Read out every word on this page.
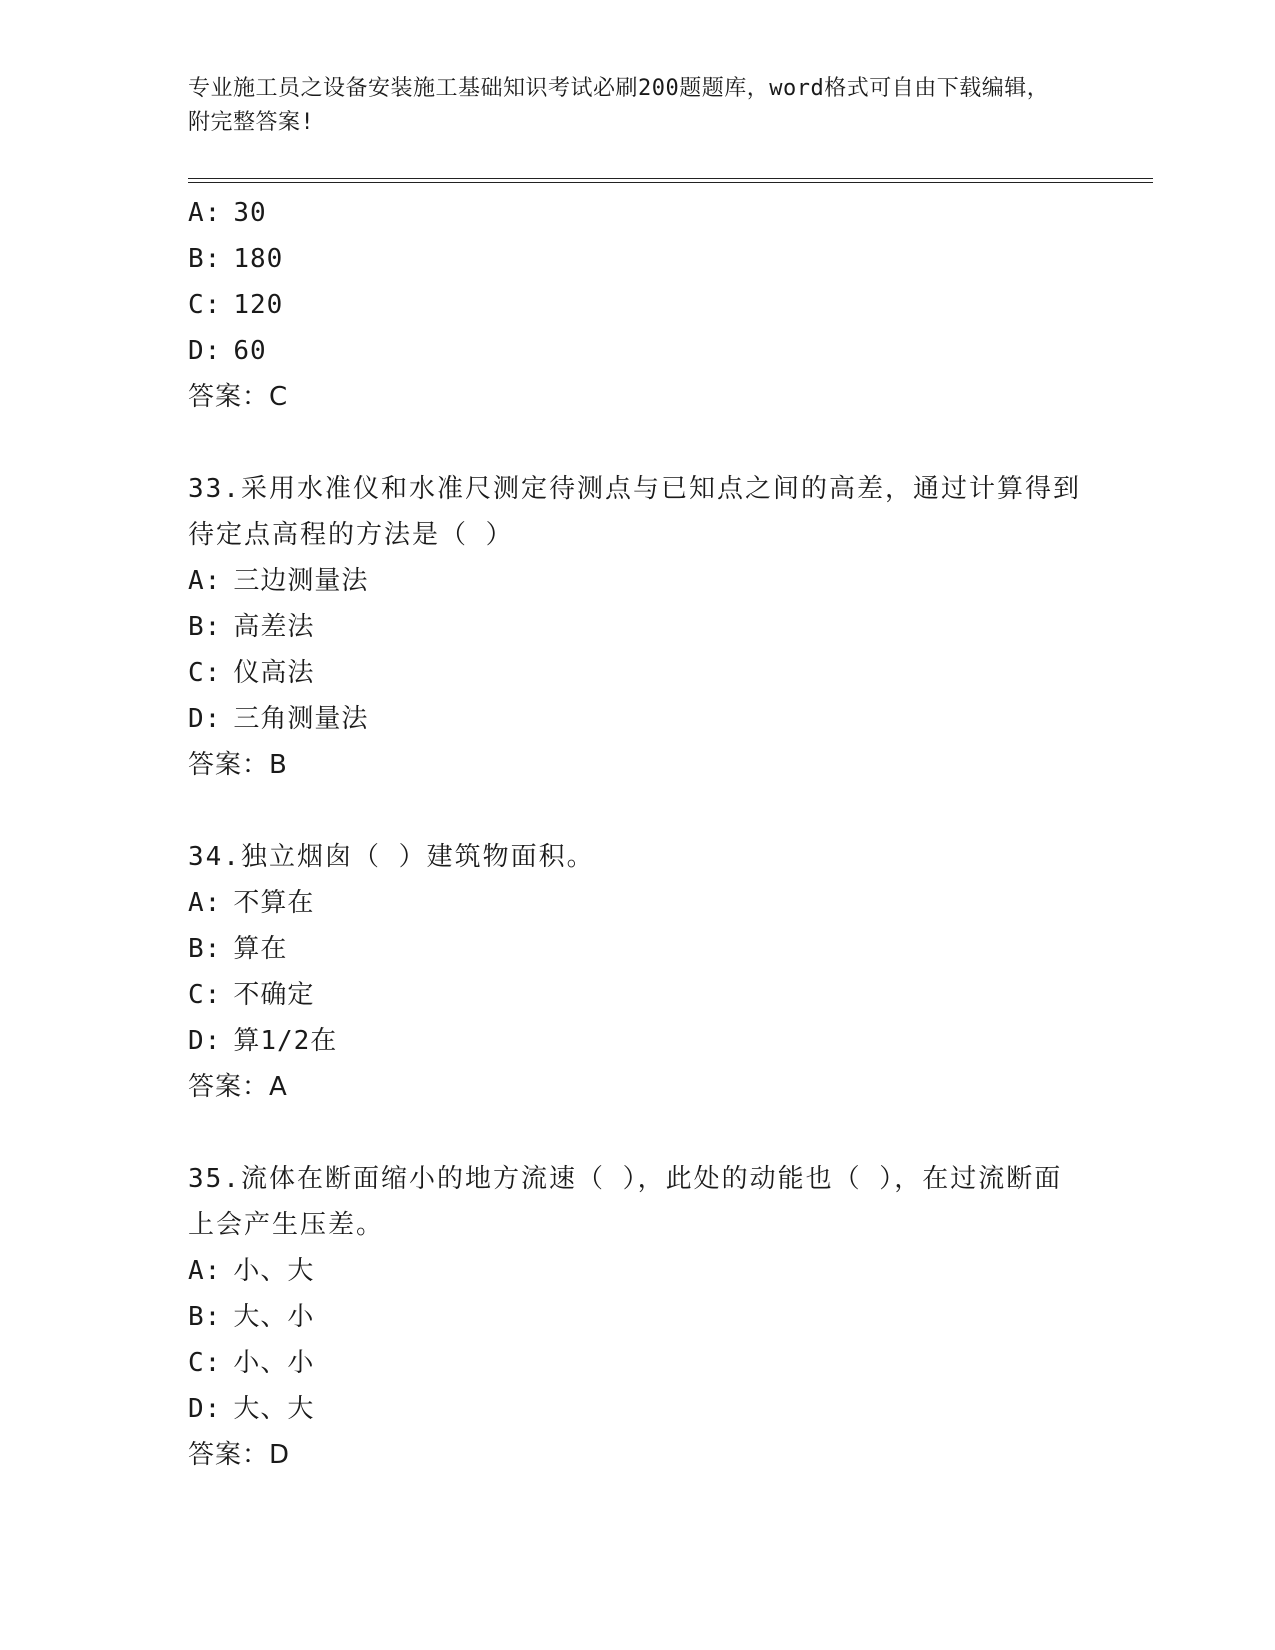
专业施工员之设备安装施工基础知识考试必刷200题题库，word格式可自由下载编辑，附完整答案!
A: 30
B: 180
C: 120
D: 60
答案：C
33.采用水准仪和水准尺测定待测点与已知点之间的高差，通过计算得到待定点高程的方法是（ ）
A: 三边测量法
B: 高差法
C: 仪高法
D: 三角测量法
答案：B
34.独立烟囱（ ）建筑物面积。
A: 不算在
B: 算在
C: 不确定
D: 算1/2在
答案：A
35.流体在断面缩小的地方流速（ ），此处的动能也（ ），在过流断面上会产生压差。
A: 小、大
B: 大、小
C: 小、小
D: 大、大
答案：D
